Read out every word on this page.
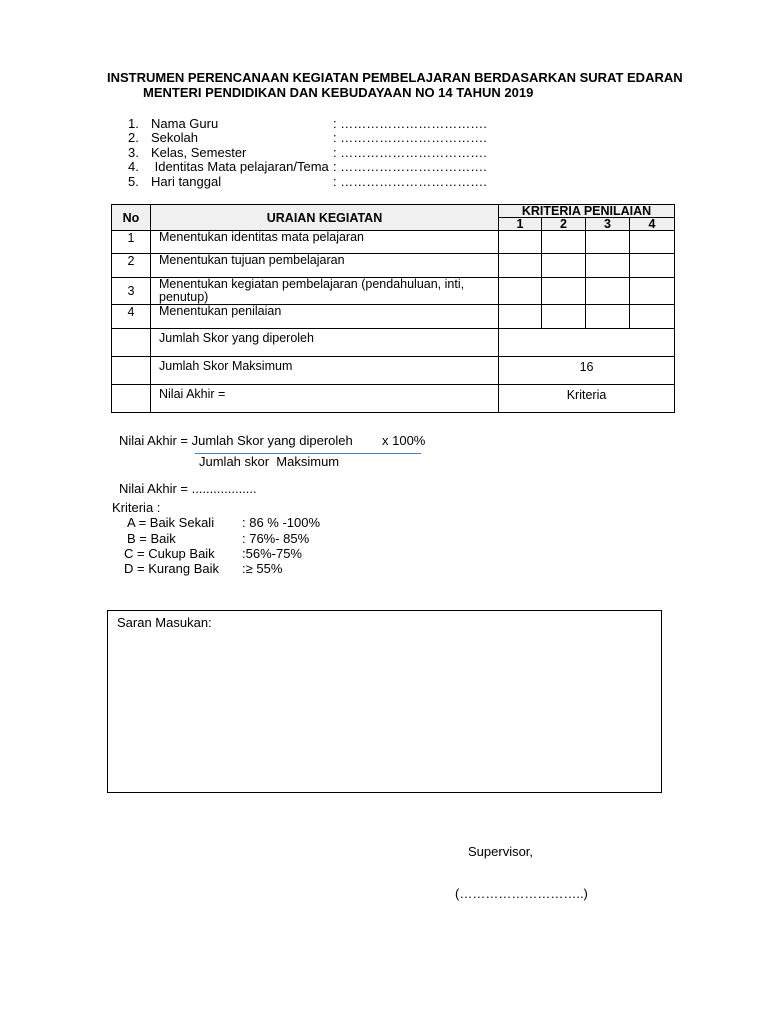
INSTRUMEN PERENCANAAN KEGIATAN PEMBELAJARAN BERDASARKAN SURAT EDARAN
MENTERI PENDIDIKAN DAN KEBUDAYAAN NO 14 TAHUN 2019
1. Nama Guru	: …………………………….
2. Sekolah	: …………………………….
3. Kelas, Semester	: …………………………….
4. Identitas Mata pelajaran/Tema : …………………………….
5. Hari tanggal	: …………………………….
No	URAIAN KEGIATAN	KRITERIA PENILAIAN			
		1	2	3	4
1	Menentukan identitas mata pelajaran				
2	Menentukan tujuan pembelajaran				
3	Menentukan kegiatan pembelajaran (pendahuluan, inti, penutup)				
4	Menentukan penilaian				
	Jumlah Skor yang diperoleh				
	Jumlah Skor Maksimum	16			
	Nilai Akhir =	Kriteria			
Nilai Akhir = Jumlah Skor yang diperoleh x 100%
Jumlah skor  Maksimum
Nilai Akhir = ..................
Kriteria :
A = Baik Sekali : 86 % -100%
B = Baik	: 76%- 85%
C = Cukup Baik :56%-75%
D = Kurang Baik :≥ 55%
Saran Masukan:
Supervisor,
(………………………..)
